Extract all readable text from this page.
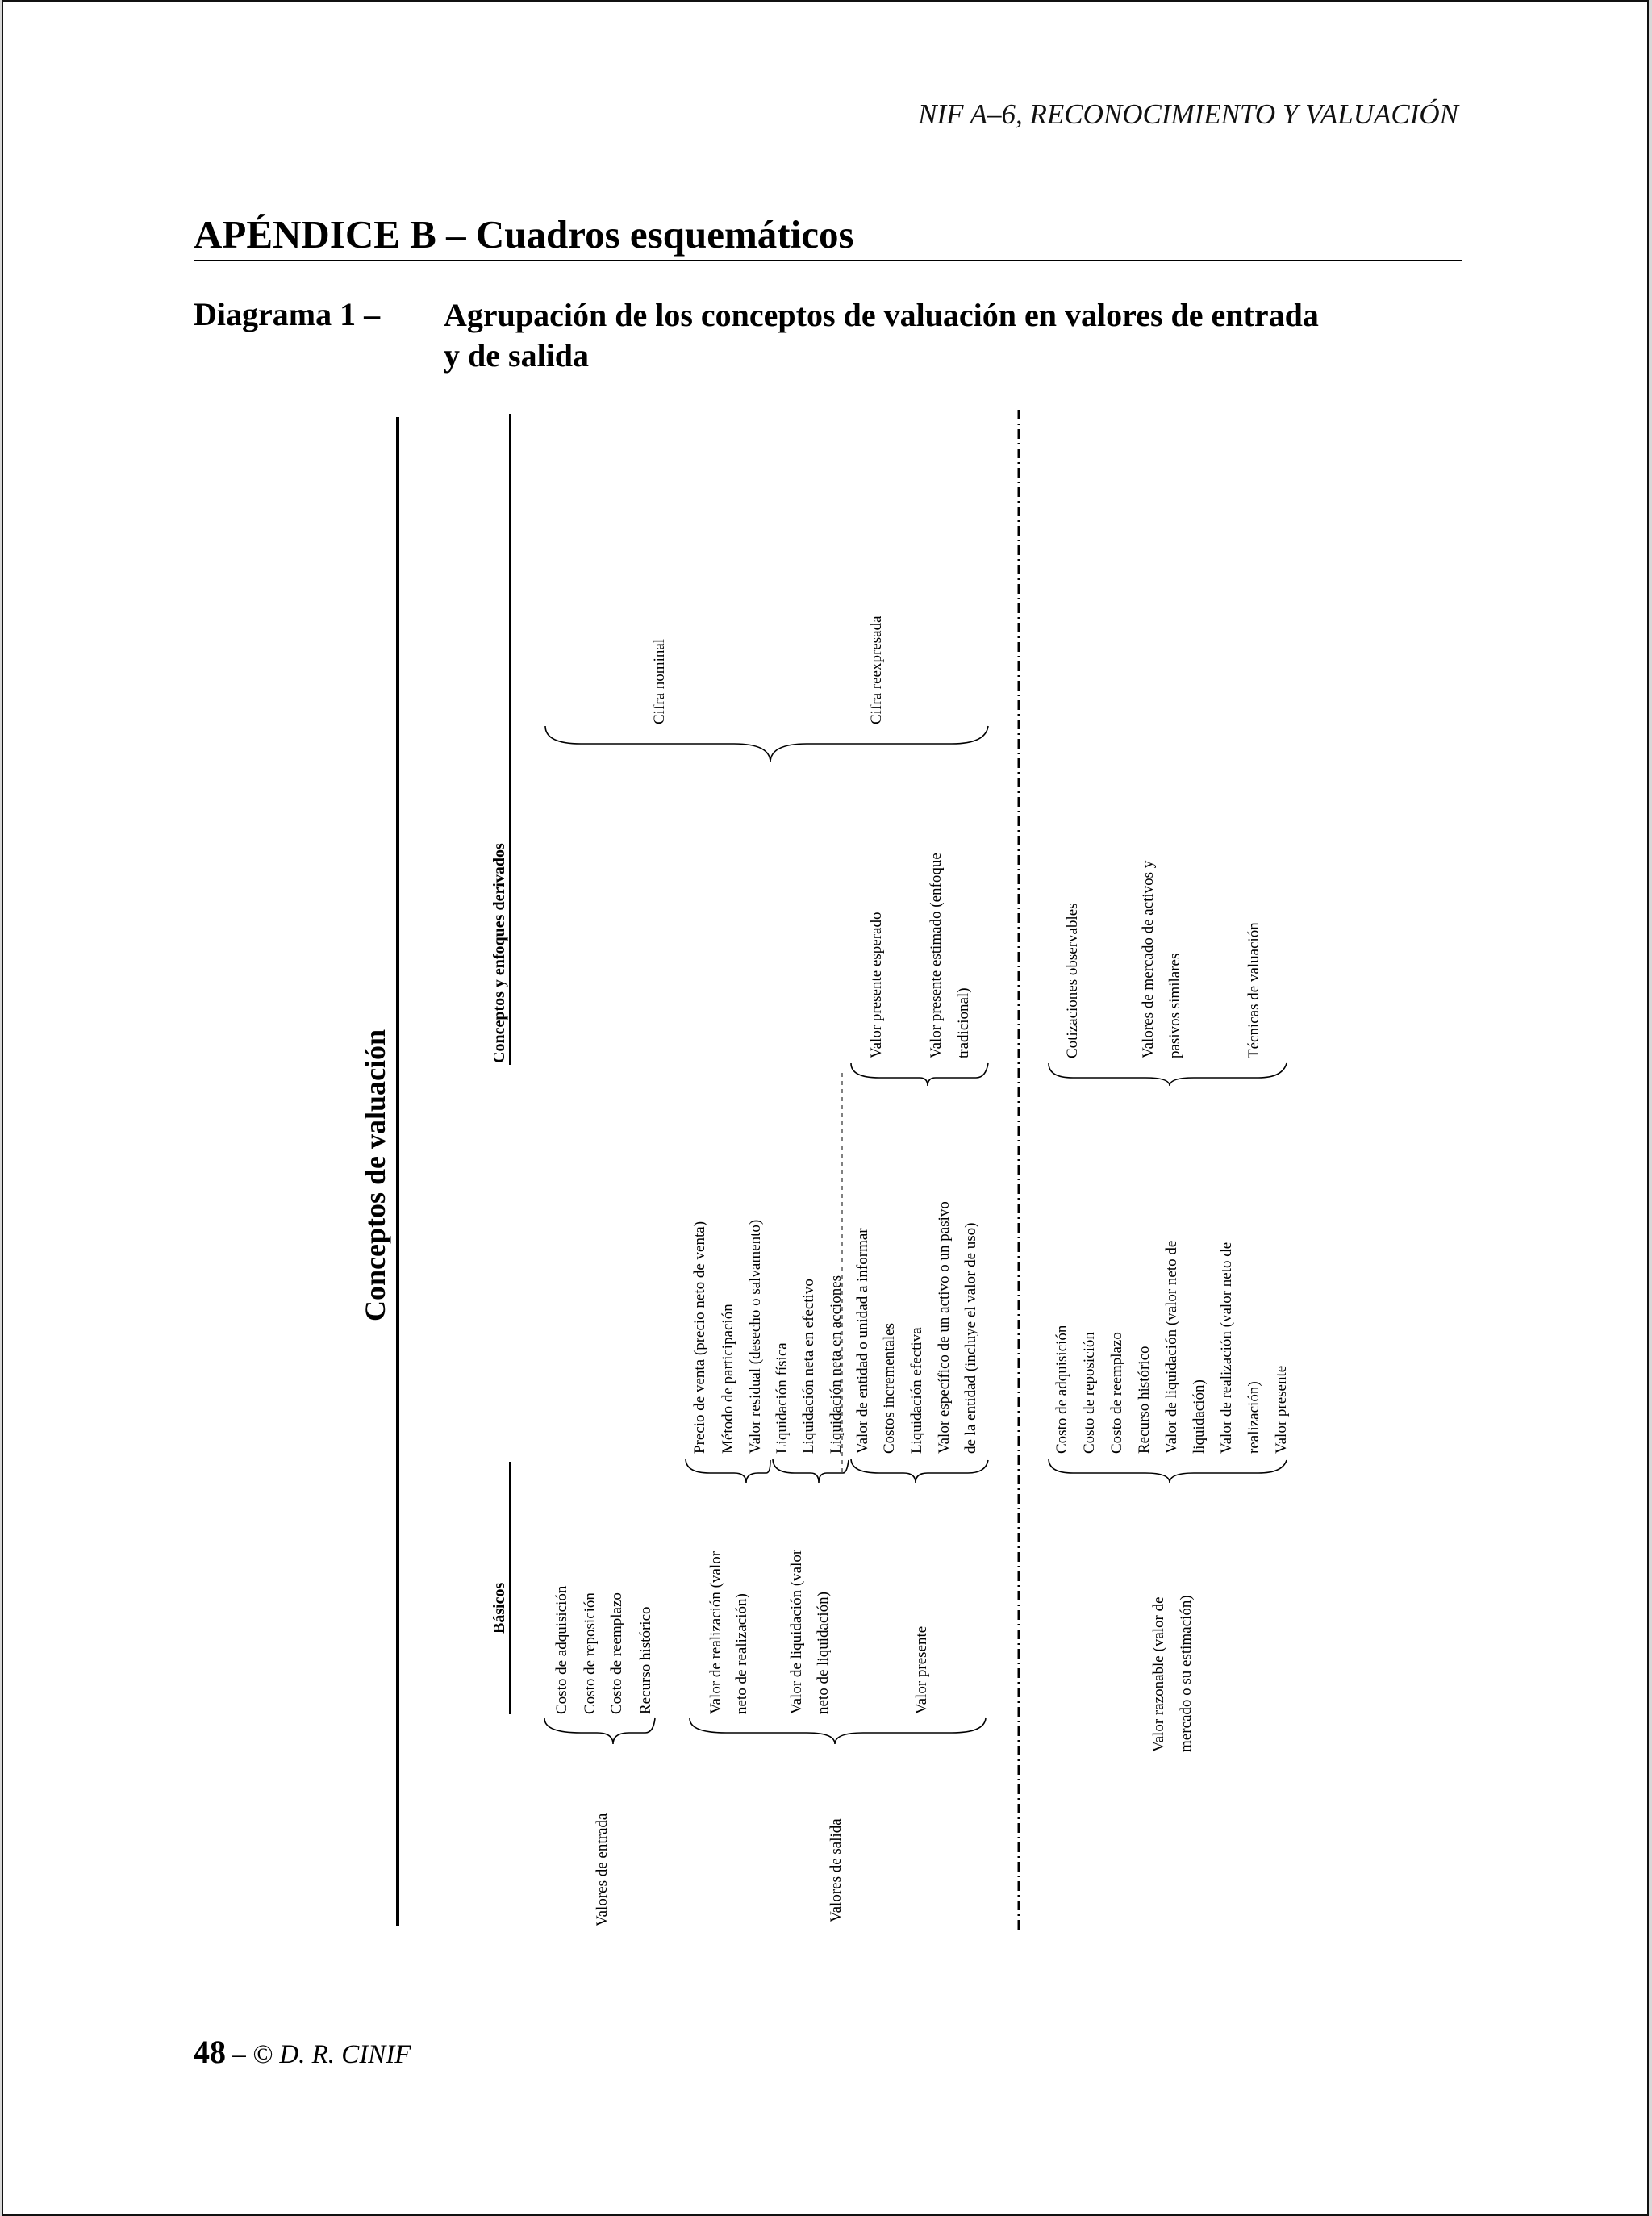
NIF A–6, RECONOCIMIENTO Y VALUACIÓN
APÉNDICE B – Cuadros esquemáticos
Diagrama 1 – Agrupación de los conceptos de valuación en valores de entrada y de salida
Conceptos de valuación
Básicos
Conceptos y enfoques derivados
Valores de entrada	Valores de salida
Costo de adquisición Costo de reposición Costo de reemplazo Recurso histórico	Valor de realización (valor neto de realización) Valor de liquidación (valor neto de liquidación)	Valor presente
Precio de venta (precio neto de venta) Método de participación Valor residual (desecho o salvamento) Liquidación física Liquidación neta en efectivo Liquidación neta en acciones Valor de entidad o unidad a informar Costos incrementales Liquidación efectiva Valor específico de un activo o un pasivo de la entidad (incluye el valor de uso)
Valor presente esperado	Valor presente estimado (enfoque tradicional)
Cifra nominal	Cifra reexpresada
Valor razonable (valor de mercado o su estimación)
Costo de adquisición Costo de reposición Costo de reemplazo Recurso histórico Valor de liquidación (valor neto de liquidación) Valor de realización (valor neto de realización) Valor presente
Cotizaciones observables	Valores de mercado de activos y pasivos similares	Técnicas de valuación
48 – © D. R. CINIF
